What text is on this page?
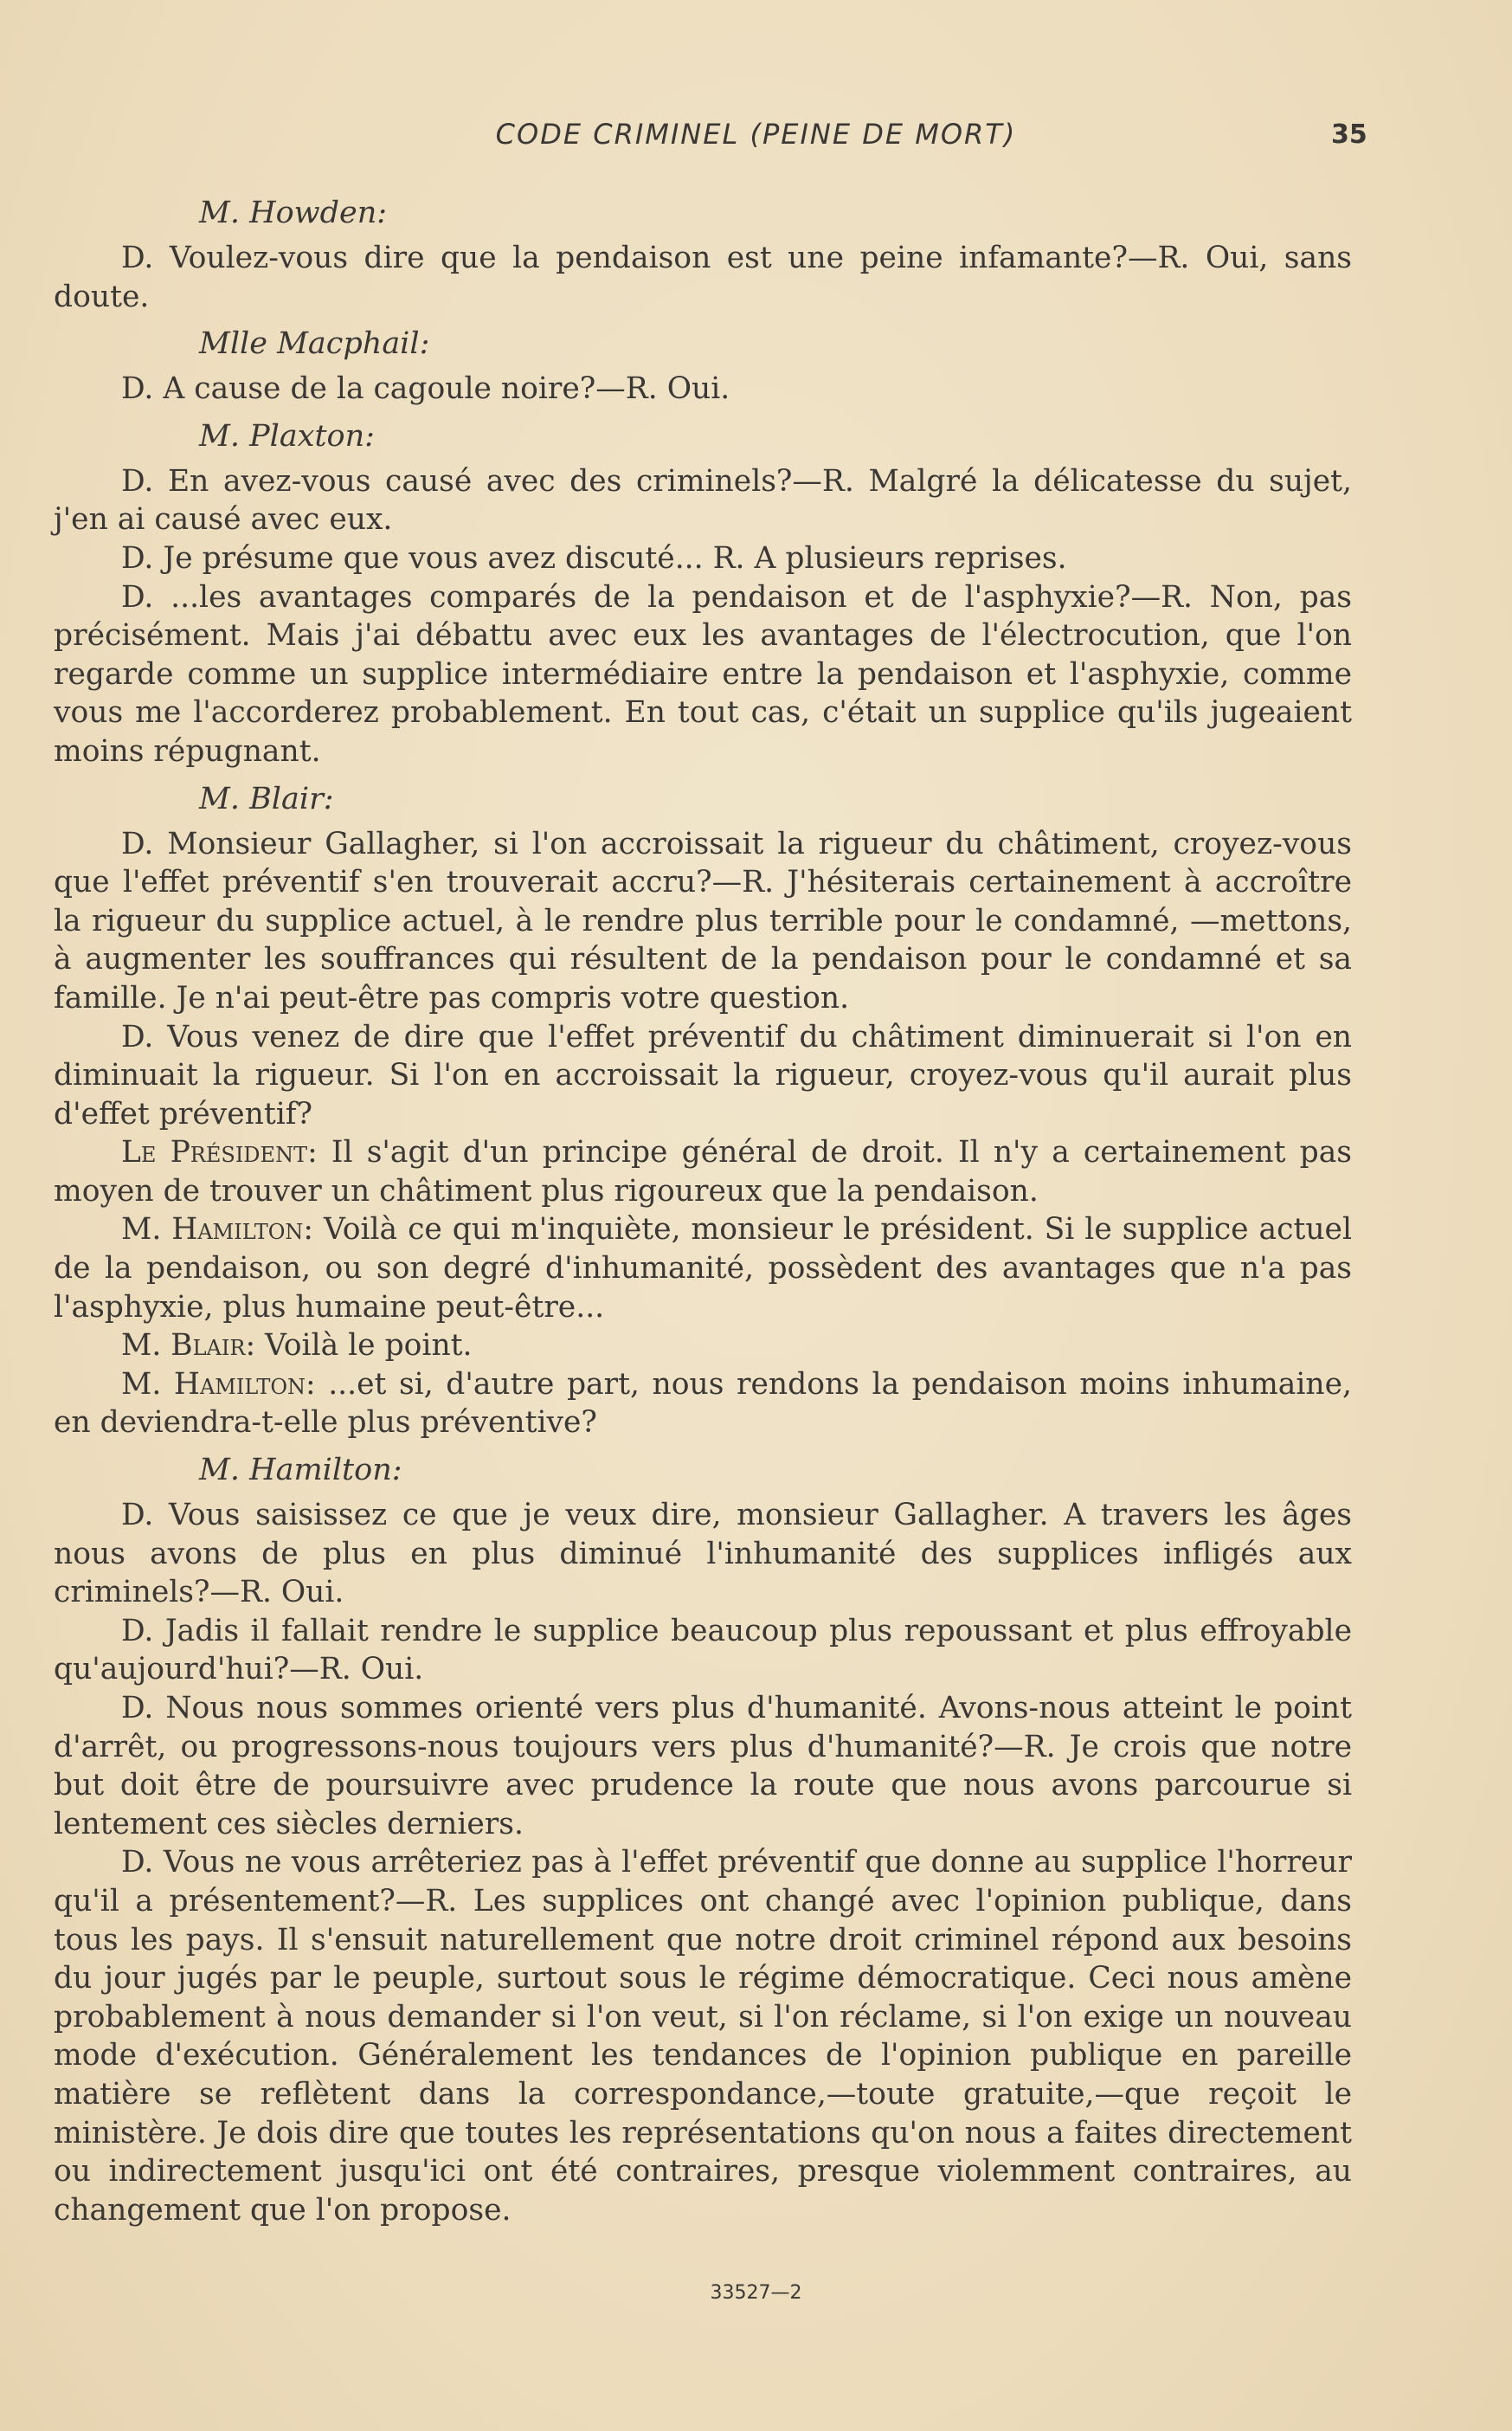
CODE CRIMINEL (PEINE DE MORT)	35
M. Howden:

D. Voulez-vous dire que la pendaison est une peine infamante?—R. Oui, sans doute.

Mlle Macphail:

D. A cause de la cagoule noire?—R. Oui.

M. Plaxton:

D. En avez-vous causé avec des criminels?—R. Malgré la délicatesse du sujet, j'en ai causé avec eux.

D. Je présume que vous avez discuté... R. A plusieurs reprises.

D. ...les avantages comparés de la pendaison et de l'asphyxie?—R. Non, pas précisément. Mais j'ai débattu avec eux les avantages de l'électrocution, que l'on regarde comme un supplice intermédiaire entre la pendaison et l'asphyxie, comme vous me l'accorderez probablement. En tout cas, c'était un supplice qu'ils jugeaient moins répugnant.

M. Blair:

D. Monsieur Gallagher, si l'on accroissait la rigueur du châtiment, croyez-vous que l'effet préventif s'en trouverait accru?—R. J'hésiterais certainement à accroître la rigueur du supplice actuel, à le rendre plus terrible pour le condamné, —mettons, à augmenter les souffrances qui résultent de la pendaison pour le condamné et sa famille. Je n'ai peut-être pas compris votre question.

D. Vous venez de dire que l'effet préventif du châtiment diminuerait si l'on en diminuait la rigueur. Si l'on en accroissait la rigueur, croyez-vous qu'il aurait plus d'effet préventif?

Le Président: Il s'agit d'un principe général de droit. Il n'y a certainement pas moyen de trouver un châtiment plus rigoureux que la pendaison.

M. Hamilton: Voilà ce qui m'inquiète, monsieur le président. Si le supplice actuel de la pendaison, ou son degré d'inhumanité, possèdent des avantages que n'a pas l'asphyxie, plus humaine peut-être...

M. Blair: Voilà le point.

M. Hamilton: ...et si, d'autre part, nous rendons la pendaison moins inhumaine, en deviendra-t-elle plus préventive?

M. Hamilton:

D. Vous saisissez ce que je veux dire, monsieur Gallagher. A travers les âges nous avons de plus en plus diminué l'inhumanité des supplices infligés aux criminels?—R. Oui.

D. Jadis il fallait rendre le supplice beaucoup plus repoussant et plus effroyable qu'aujourd'hui?—R. Oui.

D. Nous nous sommes orienté vers plus d'humanité. Avons-nous atteint le point d'arrêt, ou progressons-nous toujours vers plus d'humanité?—R. Je crois que notre but doit être de poursuivre avec prudence la route que nous avons parcourue si lentement ces siècles derniers.

D. Vous ne vous arrêteriez pas à l'effet préventif que donne au supplice l'horreur qu'il a présentement?—R. Les supplices ont changé avec l'opinion publique, dans tous les pays. Il s'ensuit naturellement que notre droit criminel répond aux besoins du jour jugés par le peuple, surtout sous le régime démocratique. Ceci nous amène probablement à nous demander si l'on veut, si l'on réclame, si l'on exige un nouveau mode d'exécution. Généralement les tendances de l'opinion publique en pareille matière se reflètent dans la correspondance,—toute gratuite,—que reçoit le ministère. Je dois dire que toutes les représentations qu'on nous a faites directement ou indirectement jusqu'ici ont été contraires, presque violemment contraires, au changement que l'on propose.

33527—2
